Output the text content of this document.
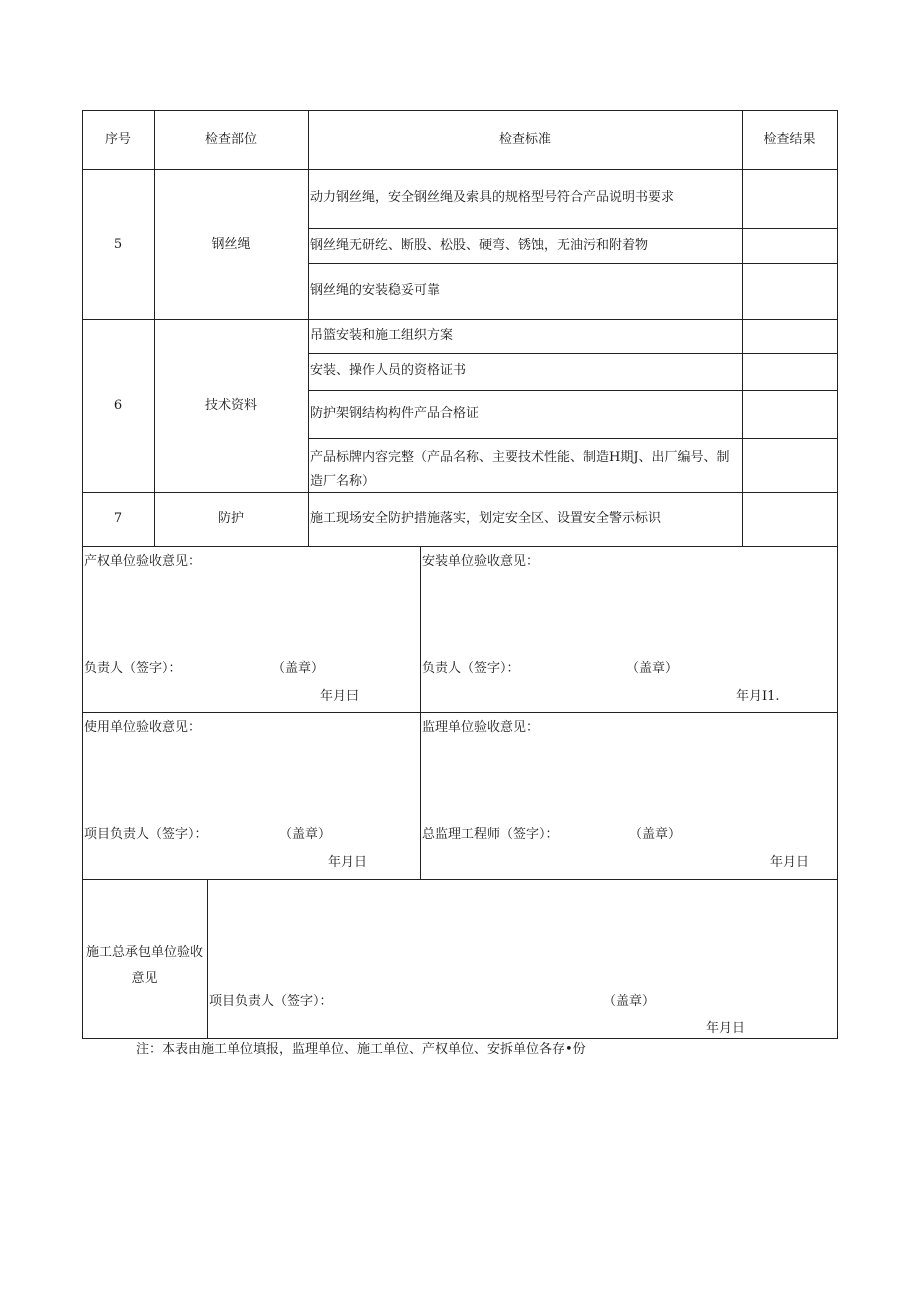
序号	检查部位	检查标准	检查结果
5	钢丝绳
动力钢丝绳，安全钢丝绳及索具的规格型号符合产品说明书要求
钢丝绳无研纥、断股、松股、硬弯、锈蚀，无油污和附着物
钢丝绳的安装稳妥可靠
6	技术资料
吊篮安装和施工组织方案
安装、操作人员的资格证书
防护架钢结构构件产品合格证
产品标牌内容完整（产品名称、主要技术性能、制造H期J、出厂编号、制造厂名称）
7	防护	施工现场安全防护措施落实，划定安全区、设置安全警示标识
产权单位验收意见：
负责人（签字）：	（盖章）
年月曰
安装单位验收意见：
负责人（签字）：	（盖章）
年月I1.
使用单位验收意见：
项目负责人（签字）：	（盖章）
年月日
监理单位验收意见：
总监理工程师（签字）：	（盖章）
年月日
施工总承包单位验收意见
项目负责人（签字）：	（盖章）
年月日
注：本表由施工单位填报，监理单位、施工单位、产权单位、安拆单位各存•份
